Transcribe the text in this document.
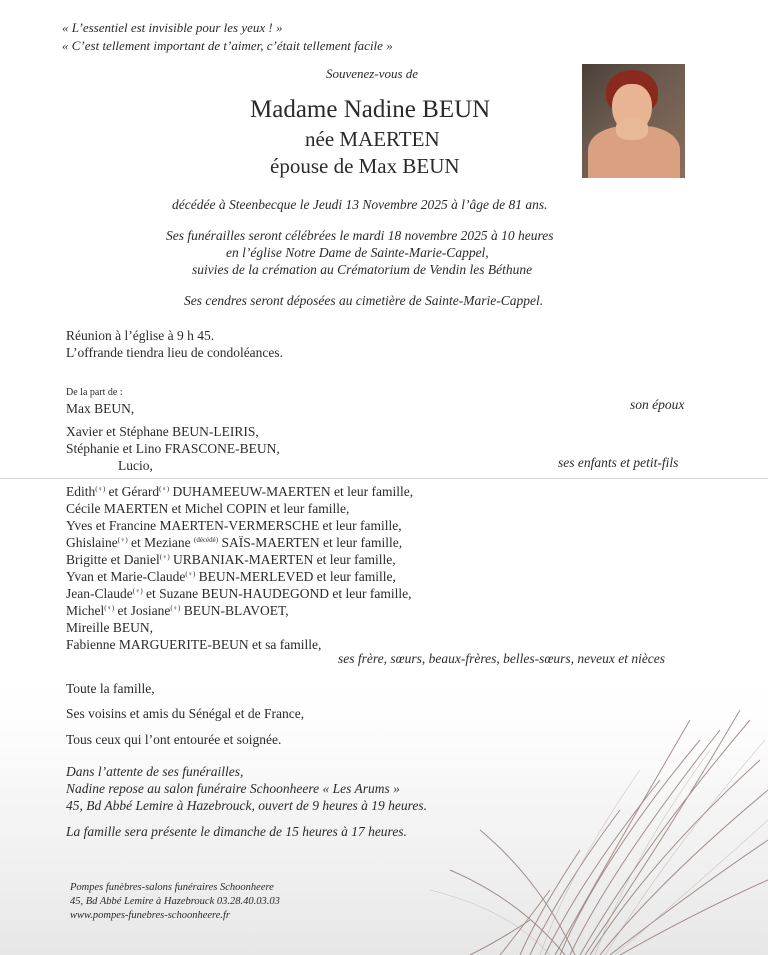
« L’essentiel est invisible pour les yeux ! »
« C’est tellement important de t’aimer, c’était tellement facile »
Souvenez-vous de
Madame Nadine BEUN
née MAERTEN
épouse de Max BEUN
décédée à Steenbecque le Jeudi 13 Novembre 2025 à l’âge de 81 ans.
Ses funérailles seront célébrées le mardi 18 novembre 2025 à 10 heures
en l’église Notre Dame de Sainte-Marie-Cappel,
suivies de la crémation au Crématorium de Vendin les Béthune
Ses cendres seront déposées au cimetière de Sainte-Marie-Cappel.
Réunion à l’église à 9 h 45.
L’offrande tiendra lieu de condoléances.
De la part de :
Max BEUN,	son époux
Xavier et Stéphane BEUN-LEIRIS,
Stéphanie et Lino FRASCONE-BEUN,
Lucio,	ses enfants et petit-fils
Edith(♀) et Gérard(♀) DUHAMEEUW-MAERTEN et leur famille,
Cécile MAERTEN et Michel COPIN et leur famille,
Yves et Francine MAERTEN-VERMERSCHE et leur famille,
Ghislaine(♀) et Meziane $^{(décédé)}$ SAÏS-MAERTEN et leur famille,
Brigitte et Daniel(♀) URBANIAK-MAERTEN et leur famille,
Yvan et Marie-Claude(♀) BEUN-MERLEVED et leur famille,
Jean-Claude(♀) et Suzane BEUN-HAUDEGOND et leur famille,
Michel(♀) et Josiane(♀) BEUN-BLAVOET,
Mireille BEUN,
Fabienne MARGUERITE-BEUN et sa famille,
ses frère, sœurs, beaux-frères, belles-sœurs, neveux et nièces
Toute la famille,
Ses voisins et amis du Sénégal et de France,
Tous ceux qui l’ont entourée et soignée.
Dans l’attente de ses funérailles,
Nadine repose au salon funéraire Schoonheere « Les Arums »
45, Bd Abbé Lemire à Hazebrouck, ouvert de 9 heures à 19 heures.
La famille sera présente le dimanche de 15 heures à 17 heures.
Pompes funèbres-salons funéraires Schoonheere
45, Bd Abbé Lemire à Hazebrouck 03.28.40.03.03
www.pompes-funebres-schoonheere.fr
